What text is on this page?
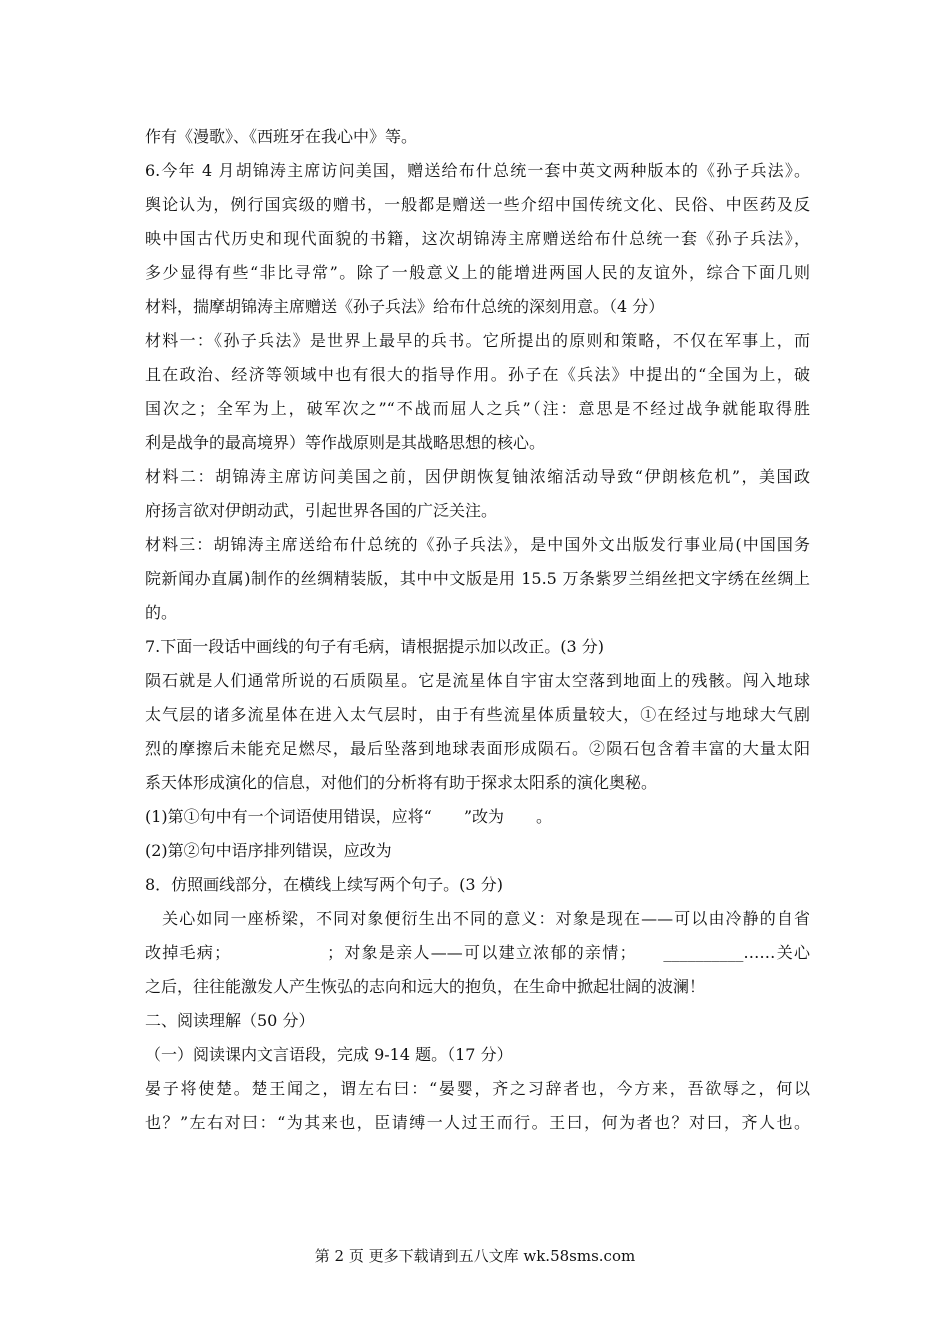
作有《漫歌》、《西班牙在我心中》等。
6.今年 4 月胡锦涛主席访问美国，赠送给布什总统一套中英文两种版本的《孙子兵法》。
舆论认为，例行国宾级的赠书，一般都是赠送一些介绍中国传统文化、民俗、中医药及反
映中国古代历史和现代面貌的书籍，这次胡锦涛主席赠送给布什总统一套《孙子兵法》，
多少显得有些“非比寻常”。除了一般意义上的能增进两国人民的友谊外，综合下面几则
材料，揣摩胡锦涛主席赠送《孙子兵法》给布什总统的深刻用意。（4 分）
材料一：《孙子兵法》是世界上最早的兵书。它所提出的原则和策略，不仅在军事上，而
且在政治、经济等领域中也有很大的指导作用。孙子在《兵法》中提出的“全国为上，破
国次之；全军为上，破军次之”“不战而屈人之兵”（注：意思是不经过战争就能取得胜
利是战争的最高境界）等作战原则是其战略思想的核心。
材料二：胡锦涛主席访问美国之前，因伊朗恢复铀浓缩活动导致“伊朗核危机”，美国政
府扬言欲对伊朗动武，引起世界各国的广泛关注。
材料三：胡锦涛主席送给布什总统的《孙子兵法》，是中国外文出版发行事业局(中国国务
院新闻办直属)制作的丝绸精装版，其中中文版是用 15.5 万条紫罗兰绢丝把文字绣在丝绸上
的。
7.下面一段话中画线的句子有毛病，请根据提示加以改正。(3 分)
陨石就是人们通常所说的石质陨星。它是流星体自宇宙太空落到地面上的残骸。闯入地球
太气层的诸多流星体在进入太气层时，由于有些流星体质量较大，①在经过与地球大气剧
烈的摩擦后未能充足燃尽，最后坠落到地球表面形成陨石。②陨石包含着丰富的大量太阳
系天体形成演化的信息，对他们的分析将有助于探求太阳系的演化奥秘。
(1)第①句中有一个词语使用错误，应将“　　”改为　　。
(2)第②句中语序排列错误，应改为
8．仿照画线部分，在横线上续写两个句子。(3 分)
　关心如同一座桥梁，不同对象便衍生出不同的意义：对象是现在——可以由冷静的自省
改掉毛病；　　　　　　；对象是亲人——可以建立浓郁的亲情；　　__________……关心
之后，往往能激发人产生恢弘的志向和远大的抱负，在生命中掀起壮阔的波澜！
二、阅读理解（50 分）
（一）阅读课内文言语段，完成 9-14 题。（17 分）
晏子将使楚。楚王闻之，谓左右曰：“晏婴，齐之习辞者也，今方来，吾欲辱之，何以
也？”左右对曰：“为其来也，臣请缚一人过王而行。王曰，何为者也？对曰，齐人也。
第 2 页 更多下载请到五八文库 wk.58sms.com
